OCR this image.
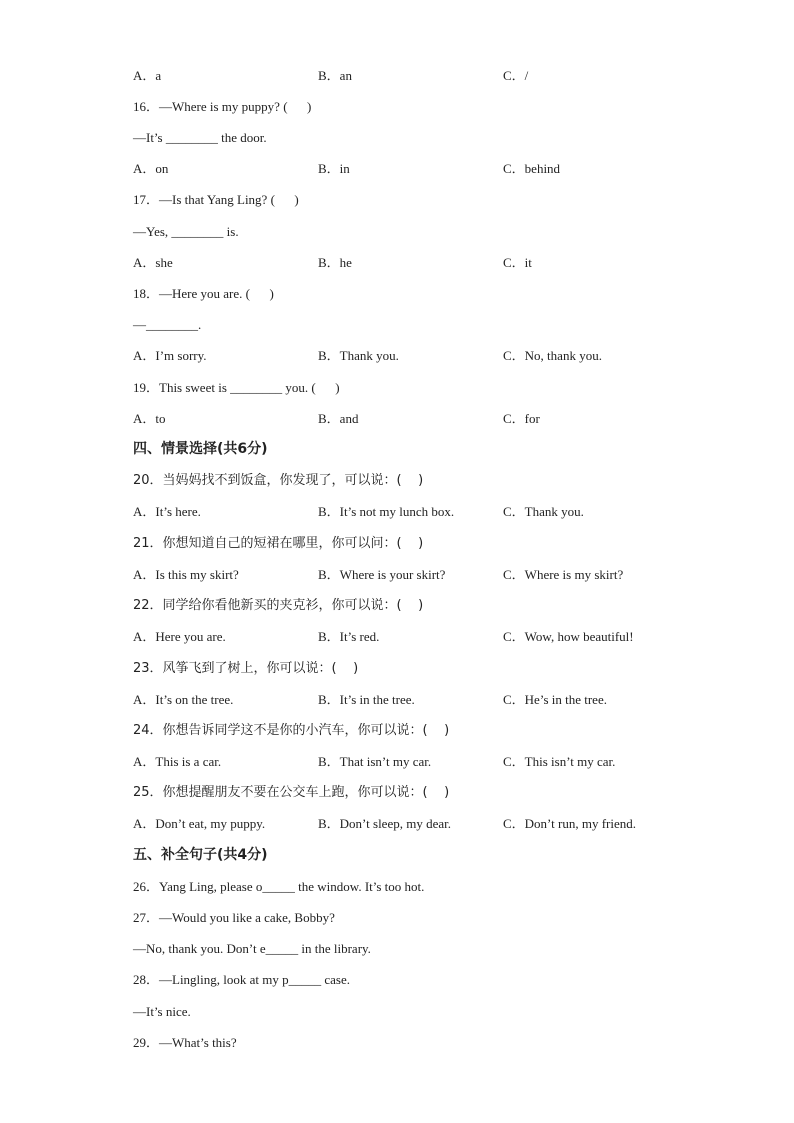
A．a	B．an	C．/
16．—Where is my puppy? (      )
—It’s ________ the door.
A．on	B．in	C．behind
17．—Is that Yang Ling? (      )
—Yes, ________ is.
A．she	B．he	C．it
18．—Here you are. (      )
—________.
A．I’m sorry.	B．Thank you.	C．No, thank you.
19．This sweet is ________ you. (      )
A．to	B．and	C．for
四、情景选择(共6分)
20．当妈妈找不到饭盒，你发现了，可以说：(    )
A．It’s here.	B．It’s not my lunch box.	C．Thank you.
21．你想知道自己的短裙在哪里，你可以问：(    )
A．Is this my skirt?	B．Where is your skirt?	C．Where is my skirt?
22．同学给你看他新买的夹克衫，你可以说：(    )
A．Here you are.	B．It’s red.	C．Wow, how beautiful!
23．风筝飞到了树上，你可以说：(    )
A．It’s on the tree.	B．It’s in the tree.	C．He’s in the tree.
24．你想告诉同学这不是你的小汽车，你可以说：(    )
A．This is a car.	B．That isn’t my car.	C．This isn’t my car.
25．你想提醒朋友不要在公交车上跑，你可以说：(    )
A．Don’t eat, my puppy.	B．Don’t sleep, my dear.	C．Don’t run, my friend.
五、补全句子(共4分)
26．Yang Ling, please o_____ the window. It’s too hot.
27．—Would you like a cake, Bobby?
—No, thank you. Don’t e_____ in the library.
28．—Lingling, look at my p_____ case.
—It’s nice.
29．—What’s this?
